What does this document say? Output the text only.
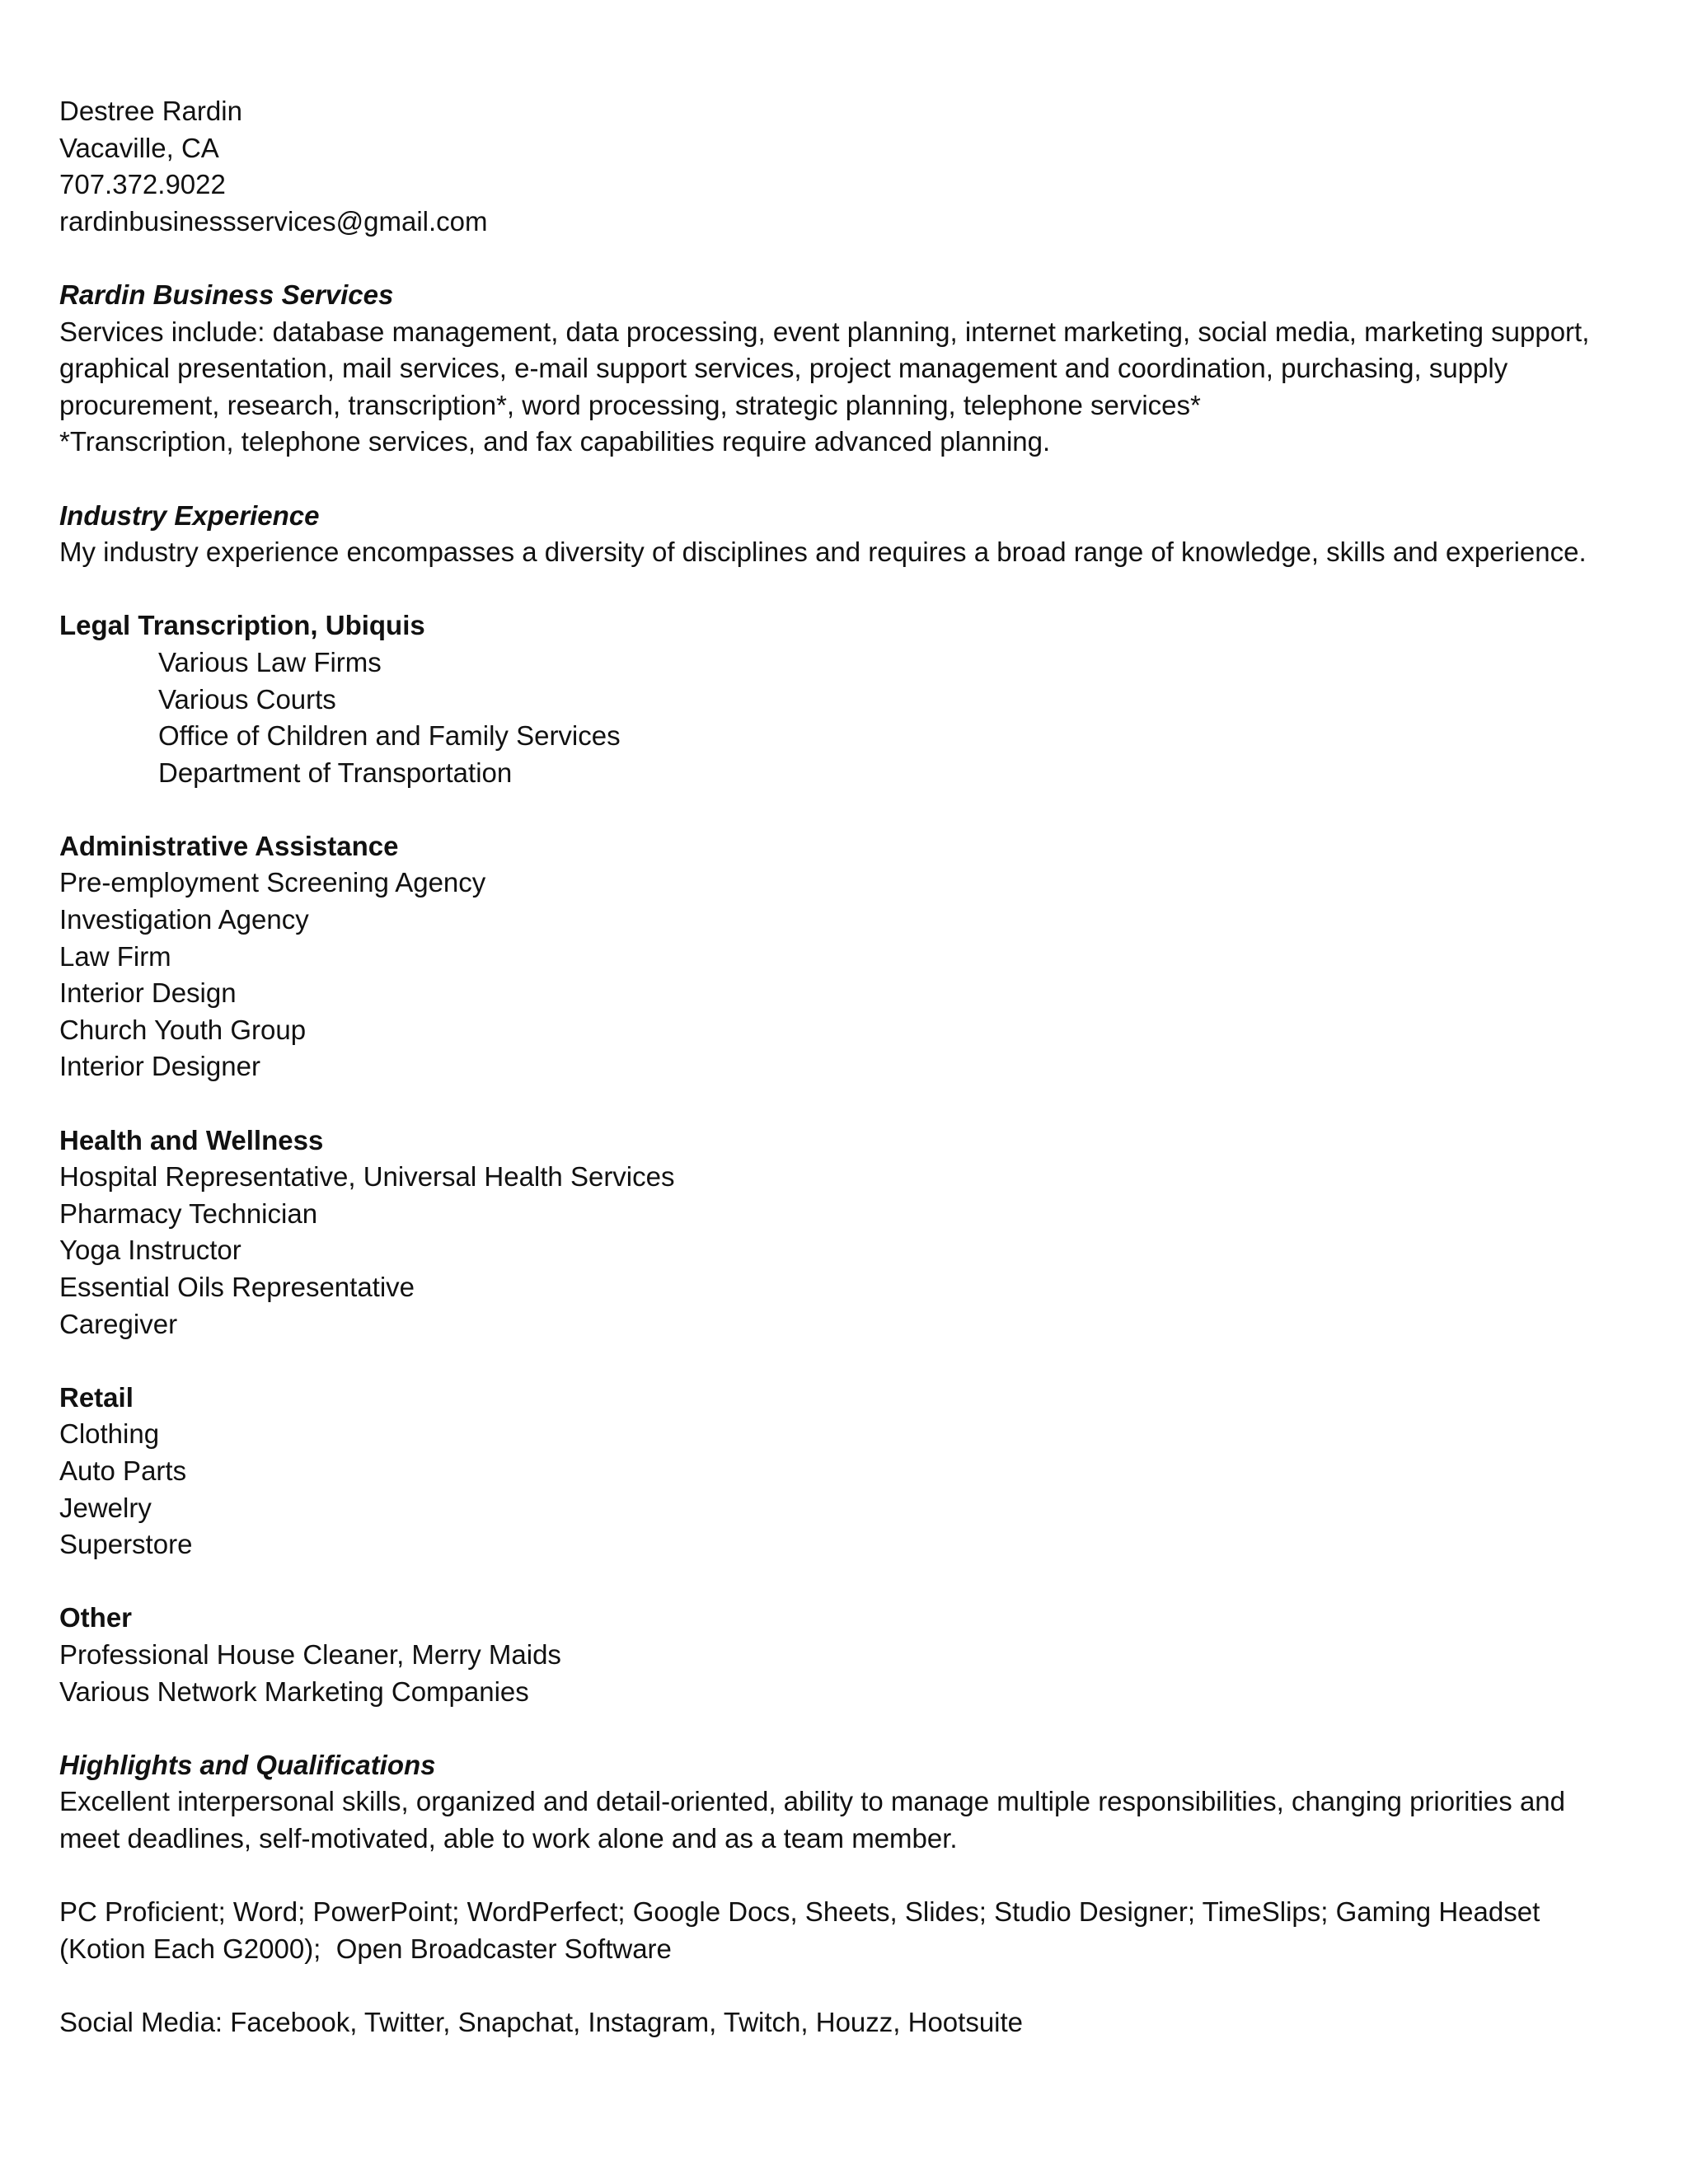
Destree Rardin
Vacaville, CA
707.372.9022
rardinbusinessservices@gmail.com
Rardin Business Services
Services include: database management, data processing, event planning, internet marketing, social media, marketing support,
graphical presentation, mail services, e-mail support services, project management and coordination, purchasing, supply
procurement, research, transcription*, word processing, strategic planning, telephone services*
*Transcription, telephone services, and fax capabilities require advanced planning.
Industry Experience
My industry experience encompasses a diversity of disciplines and requires a broad range of knowledge, skills and experience.
Legal Transcription, Ubiquis
Various Law Firms
Various Courts
Office of Children and Family Services
Department of Transportation
Administrative Assistance
Pre-employment Screening Agency
Investigation Agency
Law Firm
Interior Design
Church Youth Group
Interior Designer
Health and Wellness
Hospital Representative, Universal Health Services
Pharmacy Technician
Yoga Instructor
Essential Oils Representative
Caregiver
Retail
Clothing
Auto Parts
Jewelry
Superstore
Other
Professional House Cleaner, Merry Maids
Various Network Marketing Companies
Highlights and Qualifications
Excellent interpersonal skills, organized and detail-oriented, ability to manage multiple responsibilities, changing priorities and
meet deadlines, self-motivated, able to work alone and as a team member.
PC Proficient; Word; PowerPoint; WordPerfect; Google Docs, Sheets, Slides; Studio Designer; TimeSlips; Gaming Headset
(Kotion Each G2000);  Open Broadcaster Software
Social Media: Facebook, Twitter, Snapchat, Instagram, Twitch, Houzz, Hootsuite
